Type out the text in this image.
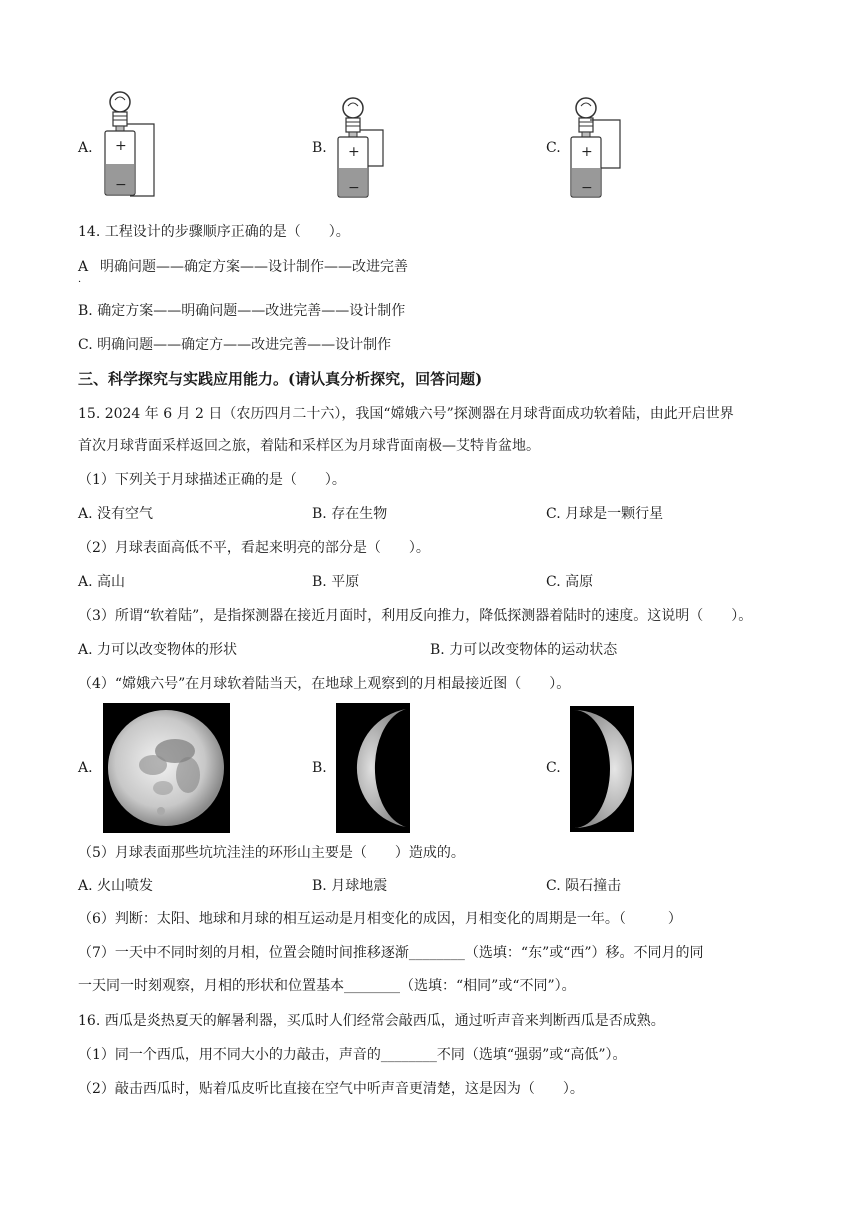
A. +
−
B. +
−
C. +
−
14. 工程设计的步骤顺序正确的是（　　）。
A
．
明确问题——确定方案——设计制作——改进完善
B. 确定方案——明确问题——改进完善——设计制作
C. 明确问题——确定方——改进完善——设计制作
三、科学探究与实践应用能力。(请认真分析探究，回答问题)
15. 2024 年 6 月 2 日（农历四月二十六），我国“嫦娥六号”探测器在月球背面成功软着陆，由此开启世界
首次月球背面采样返回之旅，着陆和采样区为月球背面南极—艾特肯盆地。
（1）下列关于月球描述正确的是（　　）。
A. 没有空气	B. 存在生物	C. 月球是一颗行星
（2）月球表面高低不平，看起来明亮的部分是（　　）。
A. 高山	B. 平原	C. 高原
（3）所谓“软着陆”，是指探测器在接近月面时，利用反向推力，降低探测器着陆时的速度。这说明（　　）。
A. 力可以改变物体的形状	B. 力可以改变物体的运动状态
（4）“嫦娥六号”在月球软着陆当天，在地球上观察到的月相最接近图（　　）。
A.	B.	C.
（5）月球表面那些坑坑洼洼的环形山主要是（　　）造成的。
A. 火山喷发	B. 月球地震	C. 陨石撞击
（6）判断：太阳、地球和月球的相互运动是月相变化的成因，月相变化的周期是一年。（　　　）
（7）一天中不同时刻的月相，位置会随时间推移逐渐________（选填：“东”或“西”）移。不同月的同
一天同一时刻观察，月相的形状和位置基本________（选填：“相同”或“不同”）。
16. 西瓜是炎热夏天的解暑利器，买瓜时人们经常会敲西瓜，通过听声音来判断西瓜是否成熟。
（1）同一个西瓜，用不同大小的力敲击，声音的________不同（选填“强弱”或“高低”）。
（2）敲击西瓜时，贴着瓜皮听比直接在空气中听声音更清楚，这是因为（　　）。
